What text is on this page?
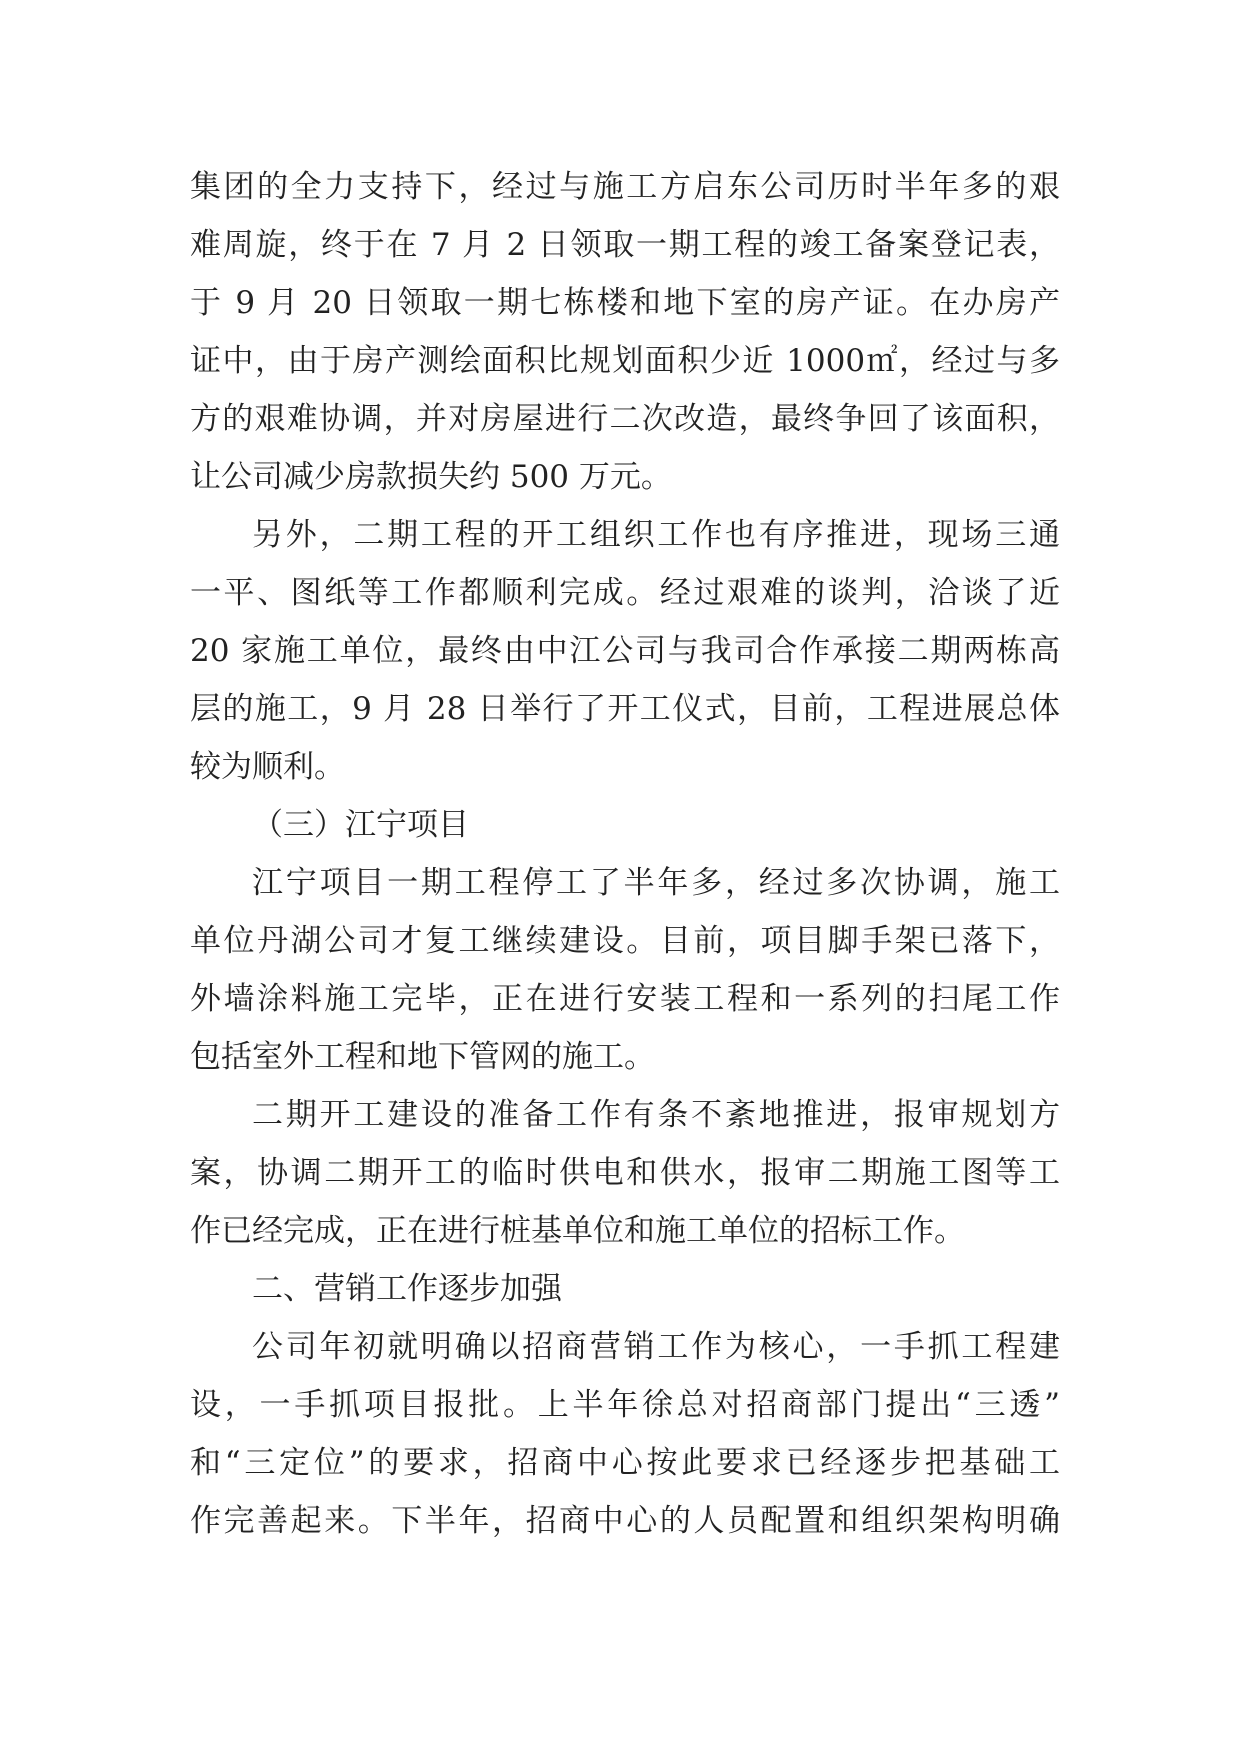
集团的全力支持下，经过与施工方启东公司历时半年多的艰
难周旋，终于在 7 月 2 日领取一期工程的竣工备案登记表，
于 9 月 20 日领取一期七栋楼和地下室的房产证。在办房产
证中，由于房产测绘面积比规划面积少近 1000㎡，经过与多
方的艰难协调，并对房屋进行二次改造，最终争回了该面积，
让公司减少房款损失约 500 万元。
另外，二期工程的开工组织工作也有序推进，现场三通
一平、图纸等工作都顺利完成。经过艰难的谈判，洽谈了近
20 家施工单位，最终由中江公司与我司合作承接二期两栋高
层的施工，9 月 28 日举行了开工仪式，目前，工程进展总体
较为顺利。
（三）江宁项目
江宁项目一期工程停工了半年多，经过多次协调，施工
单位丹湖公司才复工继续建设。目前，项目脚手架已落下，
外墙涂料施工完毕，正在进行安装工程和一系列的扫尾工作
包括室外工程和地下管网的施工。
二期开工建设的准备工作有条不紊地推进，报审规划方
案，协调二期开工的临时供电和供水，报审二期施工图等工
作已经完成，正在进行桩基单位和施工单位的招标工作。
二、营销工作逐步加强
公司年初就明确以招商营销工作为核心，一手抓工程建
设，一手抓项目报批。上半年徐总对招商部门提出“三透”
和“三定位”的要求，招商中心按此要求已经逐步把基础工
作完善起来。下半年，招商中心的人员配置和组织架构明确
